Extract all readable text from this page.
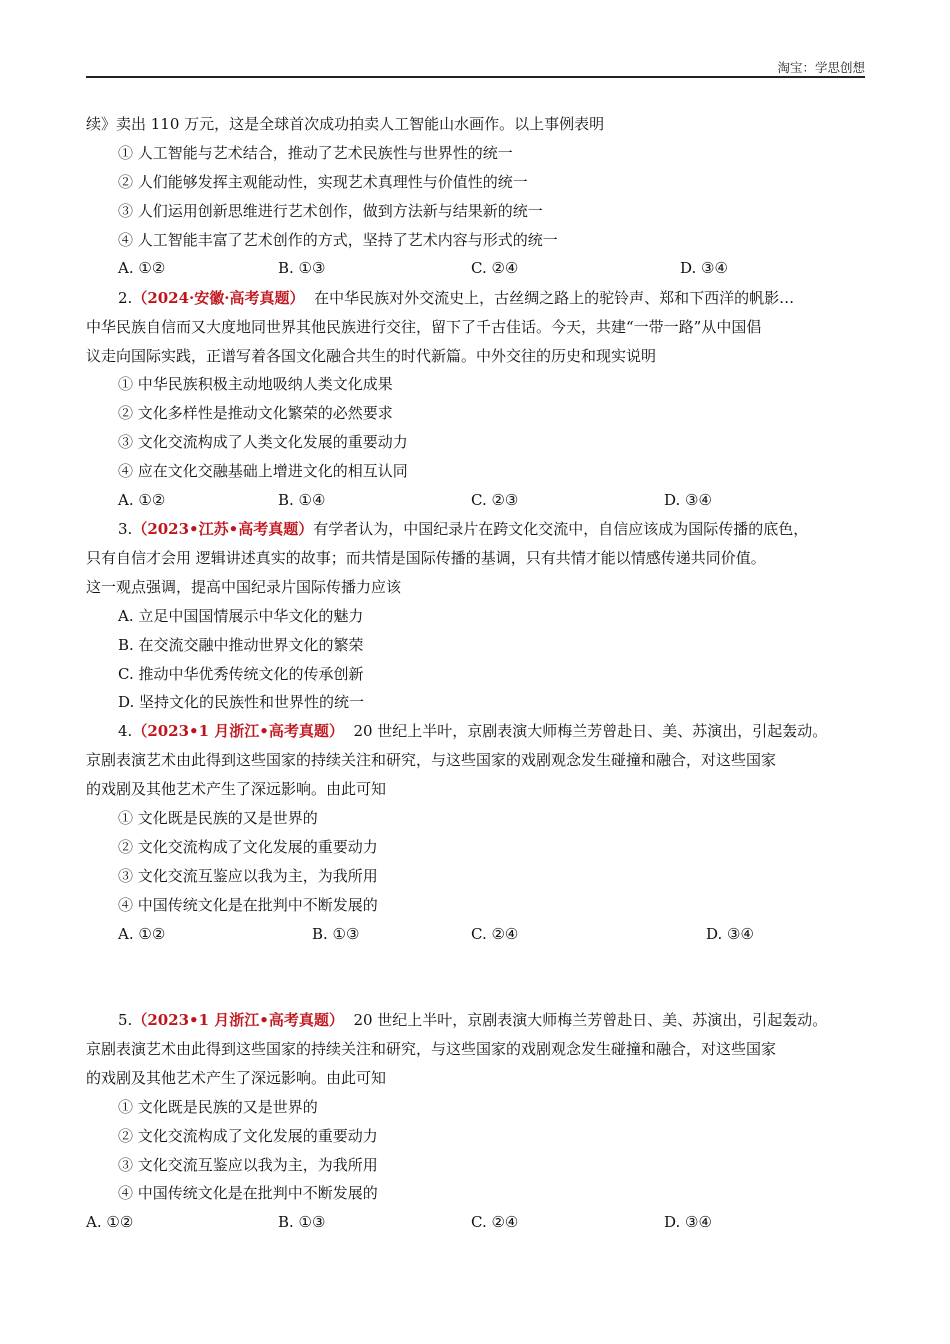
淘宝：学思创想
续》卖出 110 万元，这是全球首次成功拍卖人工智能山水画作。以上事例表明
① 人工智能与艺术结合，推动了艺术民族性与世界性的统一
② 人们能够发挥主观能动性，实现艺术真理性与价值性的统一
③ 人们运用创新思维进行艺术创作，做到方法新与结果新的统一
④ 人工智能丰富了艺术创作的方式，坚持了艺术内容与形式的统一
A. ①②	B. ①③	C. ②④	D. ③④
2.（2024·安徽·高考真题） 在中华民族对外交流史上，古丝绸之路上的驼铃声、郑和下西洋的帆影…
中华民族自信而又大度地同世界其他民族进行交往，留下了千古佳话。今天，共建“一带一路”从中国倡
议走向国际实践，正谱写着各国文化融合共生的时代新篇。中外交往的历史和现实说明
① 中华民族积极主动地吸纳人类文化成果
② 文化多样性是推动文化繁荣的必然要求
③ 文化交流构成了人类文化发展的重要动力
④ 应在文化交融基础上增进文化的相互认同
A. ①②	B. ①④	C. ②③	D. ③④
3.（2023•江苏•高考真题）有学者认为，中国纪录片在跨文化交流中，自信应该成为国际传播的底色，
只有自信才会用 逻辑讲述真实的故事；而共情是国际传播的基调，只有共情才能以情感传递共同价值。
这一观点强调，提高中国纪录片国际传播力应该
A. 立足中国国情展示中华文化的魅力
B. 在交流交融中推动世界文化的繁荣
C. 推动中华优秀传统文化的传承创新
D. 坚持文化的民族性和世界性的统一
4.（2023•1 月浙江•高考真题） 20 世纪上半叶，京剧表演大师梅兰芳曾赴日、美、苏演出，引起轰动。
京剧表演艺术由此得到这些国家的持续关注和研究，与这些国家的戏剧观念发生碰撞和融合，对这些国家
的戏剧及其他艺术产生了深远影响。由此可知
① 文化既是民族的又是世界的
② 文化交流构成了文化发展的重要动力
③ 文化交流互鉴应以我为主，为我所用
④ 中国传统文化是在批判中不断发展的
A. ①②	B. ①③	C. ②④	D. ③④
5.（2023•1 月浙江•高考真题） 20 世纪上半叶，京剧表演大师梅兰芳曾赴日、美、苏演出，引起轰动。
京剧表演艺术由此得到这些国家的持续关注和研究，与这些国家的戏剧观念发生碰撞和融合，对这些国家
的戏剧及其他艺术产生了深远影响。由此可知
① 文化既是民族的又是世界的
② 文化交流构成了文化发展的重要动力
③ 文化交流互鉴应以我为主，为我所用
④ 中国传统文化是在批判中不断发展的
A. ①②	B. ①③	C. ②④	D. ③④
